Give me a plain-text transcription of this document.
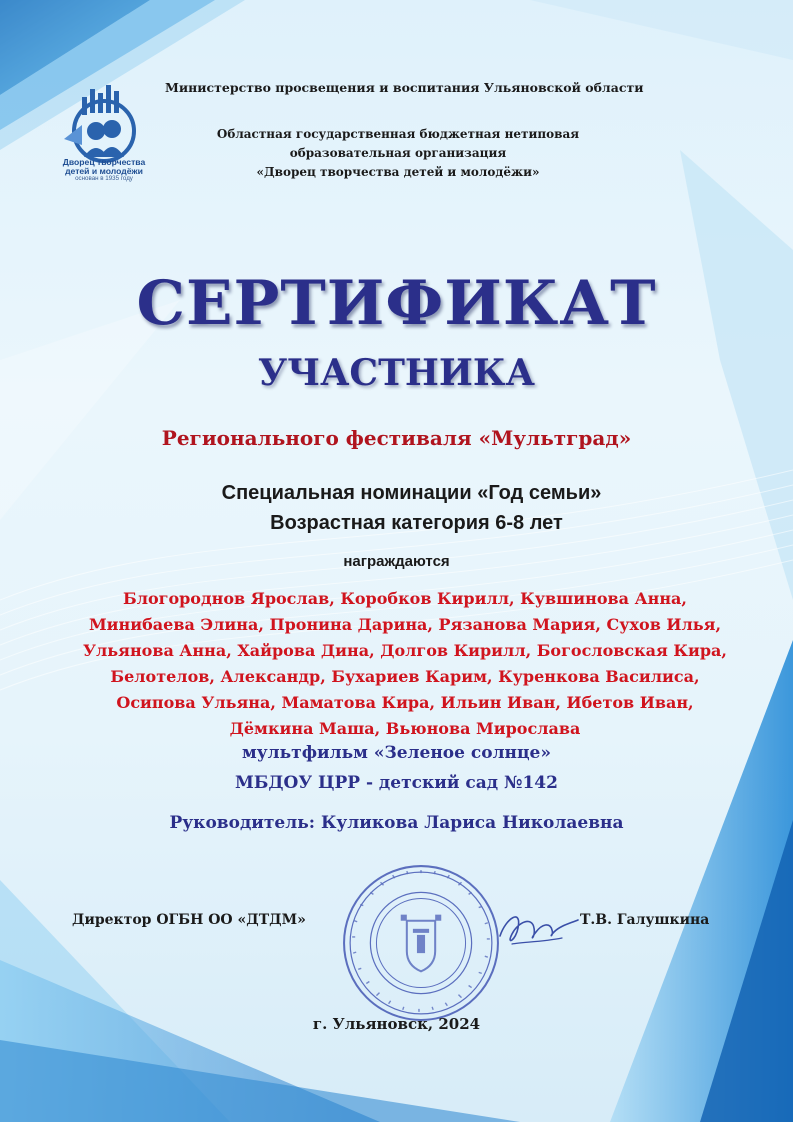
Дворец творчества
детей и молодёжи
основан в 1935 году
Министерство просвещения и воспитания Ульяновской области
Областная государственная бюджетная нетиповая
образовательная организация
«Дворец творчества детей и молодёжи»
СЕРТИФИКАТ
УЧАСТНИКА
Регионального фестиваля «Мультград»
Специальная номинации «Год семьи»
Возрастная категория 6-8 лет
награждаются
Блогороднов Ярослав, Коробков Кирилл, Кувшинова Анна,
Минибаева Элина, Пронина Дарина, Рязанова Мария, Сухов Илья,
Ульянова Анна, Хайрова Дина, Долгов Кирилл, Богословская Кира,
Белотелов, Александр, Бухариев Карим, Куренкова Василиса,
Осипова Ульяна, Маматова Кира, Ильин Иван, Ибетов Иван,
Дёмкина Маша, Вьюнова Мирослава
мультфильм «Зеленое солнце»
МБДОУ ЦРР - детский сад №142
Руководитель: Куликова Лариса Николаевна
Директор ОГБН ОО «ДТДМ»	Т.В. Галушкина
г. Ульяновск, 2024
